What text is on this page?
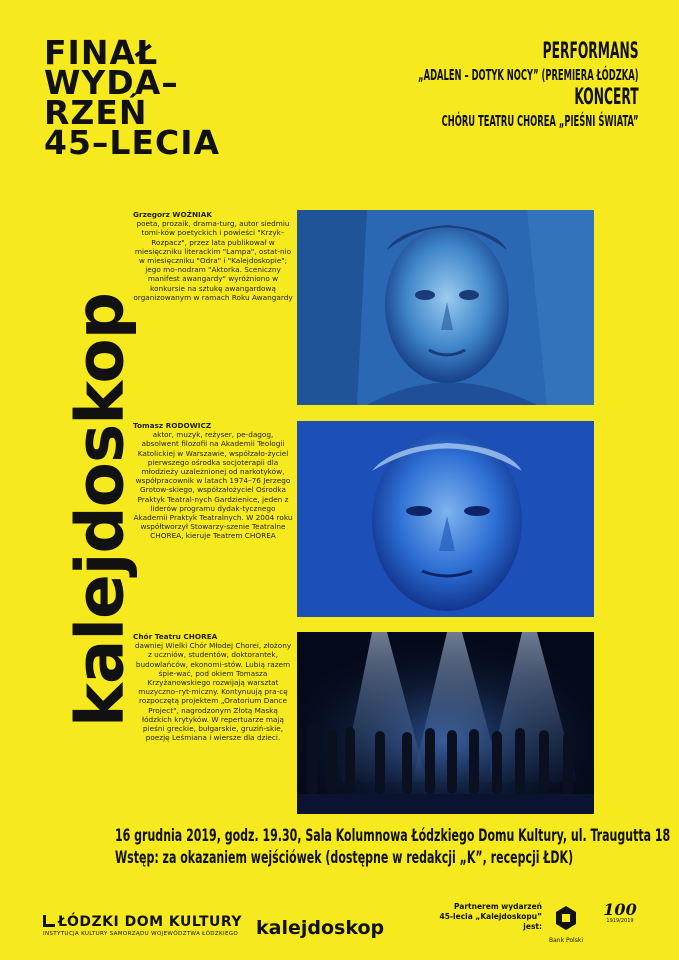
FINAŁ
WYDA–
RZEŃ
45–LECIA
PERFORMANS
„ADALEN – DOTYK NOCY” (PREMIERA ŁÓDZKA)
KONCERT
CHÓRU TEATRU CHOREA „PIEŚNI ŚWIATA”
kalejdoskop
Grzegorz WOŹNIAK
poeta, prozaik, drama-turg, autor siedmiu tomi-ków poetyckich i powieści "Krzyk–Rozpacz", przez lata publikował w miesięczniku literackim "Lampa", ostat-nio w miesięczniku "Odra" i "Kalejdoskopie"; jego mo-nodram "Aktorka. Sceniczny manifest awangardy" wyróżniono w konkursie na sztukę awangardową organizowanym w ramach Roku Awangardy
Tomasz RODOWICZ
aktor, muzyk, reżyser, pe-dagog, absolwent filozofii na Akademii Teologii Katolickiej w Warszawie, współzało-życiel pierwszego ośrodka socjoterapii dla młodzieży uzależnionej od narkotyków, współpracownik w latach 1974–76 Jerzego Grotow-skiego, współzałożyciel Ośrodka Praktyk Teatral-nych Gardzienice, jeden z liderów programu dydak-tycznego Akademii Praktyk Teatralnych. W 2004 roku współtworzył Stowarzy-szenie Teatralne CHOREA, kieruje Teatrem CHOREA
Chór Teatru CHOREA
dawniej Wielki Chór Młodej Chorei, złożony z uczniów, studentów, doktorantek, budowlańców, ekonomi-stów. Lubią razem śpie-wać, pod okiem Tomasza Krzyżanowskiego rozwijają warsztat muzyczno–ryt-miczny. Kontynuują pra-cę rozpoczętą projektem „Oratorium Dance Project", nagrodzonym Złotą Maską łódzkich krytyków. W repertuarze mają pieśni greckie, bułgarskie, gruziń-skie, poezję Leśmiana i wiersze dla dzieci.
16 grudnia 2019, godz. 19.30, Sala Kolumnowa Łódzkiego Domu Kultury, ul. Traugutta 18
Wstęp: za okazaniem wejściówek (dostępne w redakcji „K”, recepcji ŁDK)
ŁÓDZKI DOM KULTURY
INSTYTUCJA KULTURY SAMORZĄDU WOJEWÓDZTWA ŁÓDZKIEGO kalejdoskop
Partnerem wydarzeń
45-lecia „Kalejdoskopu” jest:
Bank Polski
100
1919/2019
